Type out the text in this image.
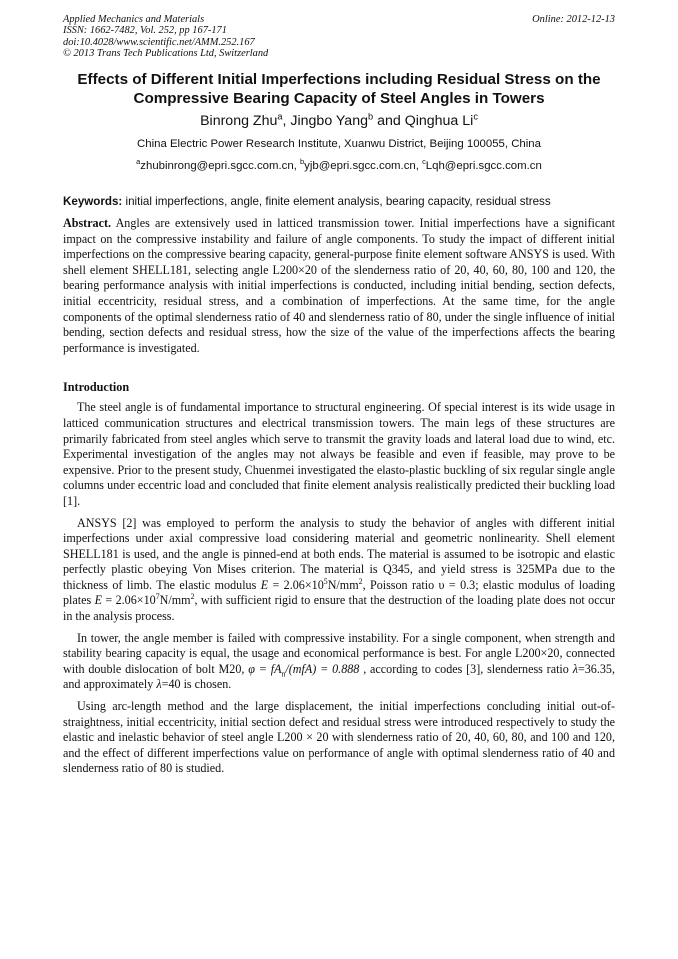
Applied Mechanics and Materials
ISSN: 1662-7482, Vol. 252, pp 167-171
doi:10.4028/www.scientific.net/AMM.252.167
© 2013 Trans Tech Publications Ltd, Switzerland
Online: 2012-12-13
Effects of Different Initial Imperfections including Residual Stress on the
Compressive Bearing Capacity of Steel Angles in Towers
Binrong Zhu$^a$, Jingbo Yang$^b$ and Qinghua Li$^c$
China Electric Power Research Institute, Xuanwu District, Beijing 100055, China
$^a$zhubinrong@epri.sgcc.com.cn, $^b$yjb@epri.sgcc.com.cn, $^c$Lqh@epri.sgcc.com.cn
Keywords: initial imperfections, angle, finite element analysis, bearing capacity, residual stress

Abstract. Angles are extensively used in latticed transmission tower. Initial imperfections have a significant impact on the compressive instability and failure of angle components. To study the impact of different initial imperfections on the compressive bearing capacity, general-purpose finite element software ANSYS is used. With shell element SHELL181, selecting angle L200×20 of the slenderness ratio of 20, 40, 60, 80, 100 and 120, the bearing performance analysis with initial imperfections is conducted, including initial bending, section defects, initial eccentricity, residual stress, and a combination of imperfections. At the same time, for the angle components of the optimal slenderness ratio of 40 and slenderness ratio of 80, under the single influence of initial bending, section defects and residual stress, how the size of the value of the imperfections affects the bearing performance is investigated.

Introduction

The steel angle is of fundamental importance to structural engineering. Of special interest is its wide usage in latticed communication structures and electrical transmission towers. The main legs of these structures are primarily fabricated from steel angles which serve to transmit the gravity loads and lateral load due to wind, etc. Experimental investigation of the angles may not always be feasible and even if feasible, may prove to be expensive. Prior to the present study, Chuenmei investigated the elasto-plastic buckling of six regular single angle columns under eccentric load and concluded that finite element analysis realistically predicted their buckling load [1].

ANSYS [2] was employed to perform the analysis to study the behavior of angles with different initial imperfections under axial compressive load considering material and geometric nonlinearity. Shell element SHELL181 is used, and the angle is pinned-end at both ends. The material is assumed to be isotropic and elastic perfectly plastic obeying Von Mises criterion. The material is Q345, and yield stress is 325MPa due to the thickness of limb. The elastic modulus $E = 2.06\times 10^5N/mm^2$, Poisson ratio υ = 0.3; elastic modulus of loading plates $E = 2.06\times 10^7N/mm^2$, with sufficient rigid to ensure that the destruction of the loading plate does not occur in the analysis process.

In tower, the angle member is failed with compressive instability. For a single component, when strength and stability bearing capacity is equal, the usage and economical performance is best. For angle L200×20, connected with double dislocation of bolt M20, $\varphi = fA_n/(mfA) = 0.888$ , according to codes [3], slenderness ratio λ=36.35, and approximately λ=40 is chosen.

Using arc-length method and the large displacement, the initial imperfections concluding initial out-of-straightness, initial eccentricity, initial section defect and residual stress were introduced respectively to study the elastic and inelastic behavior of steel angle L200 × 20 with slenderness ratio of 20, 40, 60, 80, and 100 and 120, and the effect of different imperfections value on performance of angle with optimal slenderness ratio of 40 and slenderness ratio of 80 is studied.
